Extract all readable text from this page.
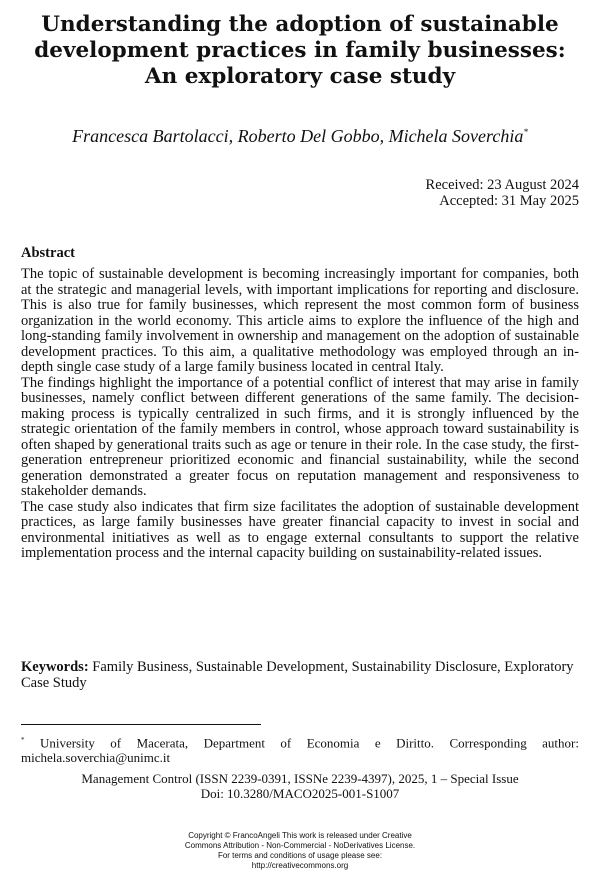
Understanding the adoption of sustainable
development practices in family businesses:
An exploratory case study
Francesca Bartolacci, Roberto Del Gobbo, Michela Soverchia*
Received: 23 August 2024
Accepted: 31 May 2025
Abstract

The topic of sustainable development is becoming increasingly important for companies, both at the strategic and managerial levels, with important implications for reporting and disclosure. This is also true for family businesses, which represent the most common form of business organization in the world economy. This article aims to explore the influence of the high and long-standing family involvement in ownership and management on the adoption of sustainable development practices. To this aim, a qualitative methodology was employed through an in-depth single case study of a large family business located in central Italy.

The findings highlight the importance of a potential conflict of interest that may arise in family businesses, namely conflict between different generations of the same family. The decision-making process is typically centralized in such firms, and it is strongly influenced by the strategic orientation of the family members in control, whose approach toward sustainability is often shaped by generational traits such as age or tenure in their role. In the case study, the first-generation entrepreneur prioritized economic and financial sustainability, while the second generation demonstrated a greater focus on reputation management and responsiveness to stakeholder demands.

The case study also indicates that firm size facilitates the adoption of sustainable development practices, as large family businesses have greater financial capacity to invest in social and environmental initiatives as well as to engage external consultants to support the relative implementation process and the internal capacity building on sustainability-related issues.

Keywords: Family Business, Sustainable Development, Sustainability Disclosure, Exploratory Case Study
* University of Macerata, Department of Economia e Diritto. Corresponding author: michela.soverchia@unimc.it
Management Control (ISSN 2239-0391, ISSNe 2239-4397), 2025, 1 – Special Issue
Doi: 10.3280/MACO2025-001-S1007
Copyright © FrancoAngeli This work is released under Creative
Commons Attribution - Non-Commercial - NoDerivatives License.
For terms and conditions of usage please see:
http://creativecommons.org
